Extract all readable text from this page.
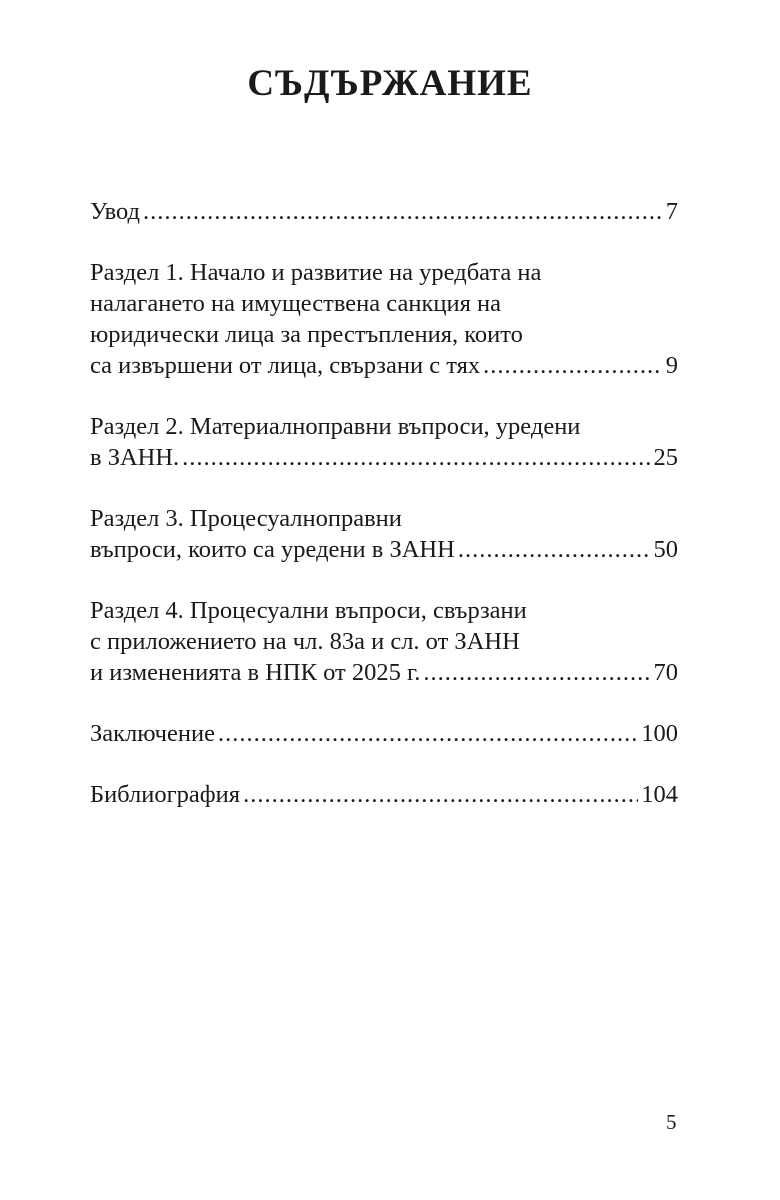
СЪДЪРЖАНИЕ
Увод .....	7
Раздел 1. Начало и развитие на уредбата на
налагането на имуществена санкция на
юридически лица за престъпления, които
са извършени от лица, свързани с тях .....	9
Раздел 2. Материалноправни въпроси, уредени
в ЗАНН. .....	25
Раздел 3. Процесуалноправни
въпроси, които са уредени в ЗАНН .....	50
Раздел 4. Процесуални въпроси, свързани
с приложението на чл. 83а и сл. от ЗАНН
и измененията в НПК от 2025 г. .....	70
Заключение .....	100
Библиография .....	104
5
